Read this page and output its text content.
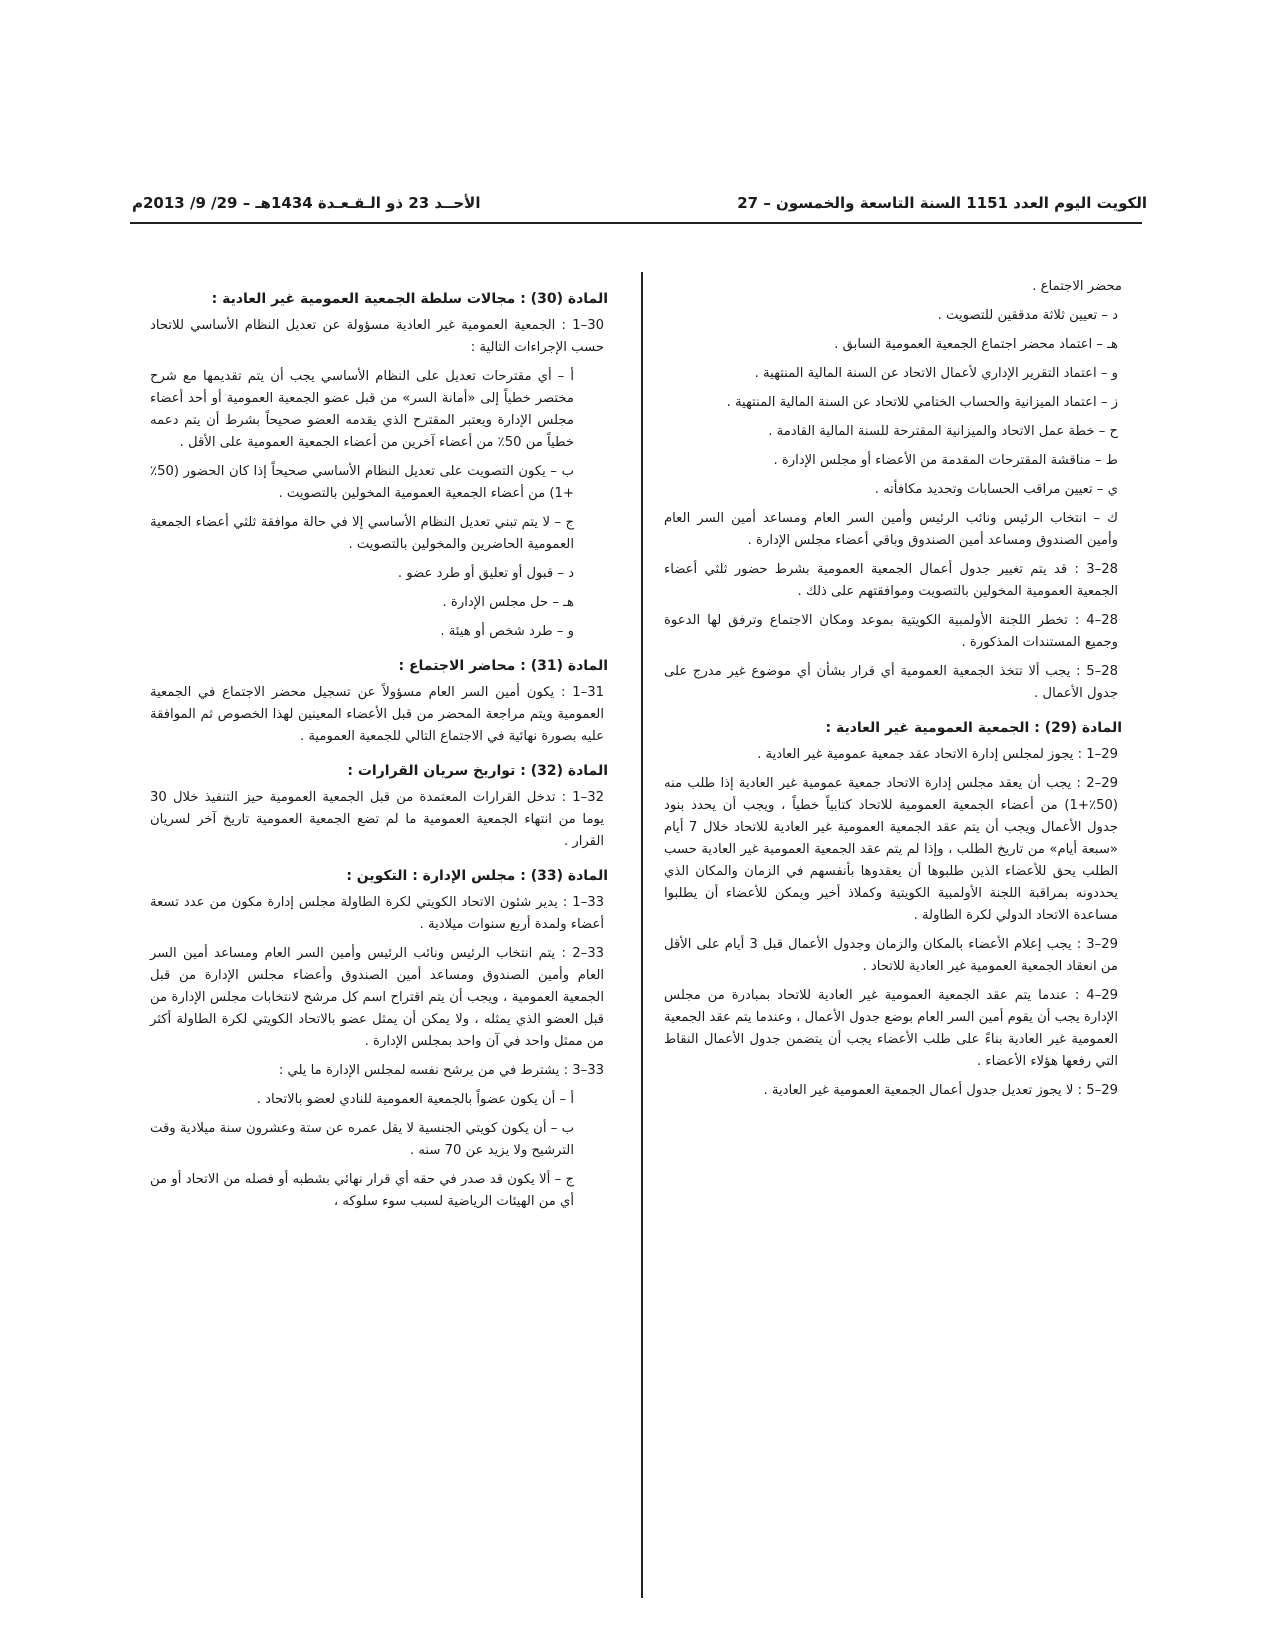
الكويت اليوم العدد 1151 السنة التاسعة والخمسون – 27
الأحــد 23 ذو الـقـعـدة 1434هـ – 29/ 9/ 2013م

محضر الاجتماع .

د – تعيين ثلاثة مدققين للتصويت .

هـ – اعتماد محضر اجتماع الجمعية العمومية السابق .

و – اعتماد التقرير الإداري لأعمال الاتحاد عن السنة المالية المنتهية .

ز – اعتماد الميزانية والحساب الختامي للاتحاد عن السنة المالية المنتهية .

ح – خطة عمل الاتحاد والميزانية المقترحة للسنة المالية القادمة .

ط – مناقشة المقترحات المقدمة من الأعضاء أو مجلس الإدارة .

ي – تعيين مراقب الحسابات وتحديد مكافأته .

ك – انتخاب الرئيس ونائب الرئيس وأمين السر العام ومساعد أمين السر العام وأمين الصندوق ومساعد أمين الصندوق وباقي أعضاء مجلس الإدارة .

28–3 : قد يتم تغيير جدول أعمال الجمعية العمومية بشرط حضور ثلثي أعضاء الجمعية العمومية المخولين بالتصويت وموافقتهم على ذلك .

28–4 : تخطر اللجنة الأولمبية الكويتية بموعد ومكان الاجتماع وترفق لها الدعوة وجميع المستندات المذكورة .

28–5 : يجب ألا تتخذ الجمعية العمومية أي قرار بشأن أي موضوع غير مدرج على جدول الأعمال .

المادة (29) : الجمعية العمومية غير العادية :

29–1 : يجوز لمجلس إدارة الاتحاد عقد جمعية عمومية غير العادية .

29–2 : يجب أن يعقد مجلس إدارة الاتحاد جمعية عمومية غير العادية إذا طلب منه (50٪+1) من أعضاء الجمعية العمومية للاتحاد كتابياً خطياً ، ويجب أن يحدد بنود جدول الأعمال ويجب أن يتم عقد الجمعية العمومية غير العادية للاتحاد خلال 7 أيام «سبعة أيام» من تاريخ الطلب ، وإذا لم يتم عقد الجمعية العمومية غير العادية حسب الطلب يحق للأعضاء الذين طلبوها أن يعقدوها بأنفسهم في الزمان والمكان الذي يحددونه بمراقبة اللجنة الأولمبية الكويتية وكملاذ أخير ويمكن للأعضاء أن يطلبوا مساعدة الاتحاد الدولي لكرة الطاولة .

29–3 : يجب إعلام الأعضاء بالمكان والزمان وجدول الأعمال قبل 3 أيام على الأقل من انعقاد الجمعية العمومية غير العادية للاتحاد .

29–4 : عندما يتم عقد الجمعية العمومية غير العادية للاتحاد بمبادرة من مجلس الإدارة يجب أن يقوم أمين السر العام بوضع جدول الأعمال ، وعندما يتم عقد الجمعية العمومية غير العادية بناءً على طلب الأعضاء يجب أن يتضمن جدول الأعمال النقاط التي رفعها هؤلاء الأعضاء .

29–5 : لا يجوز تعديل جدول أعمال الجمعية العمومية غير العادية .

المادة (30) : مجالات سلطة الجمعية العمومية غير العادية :

30–1 : الجمعية العمومية غير العادية مسؤولة عن تعديل النظام الأساسي للاتحاد حسب الإجراءات التالية :

أ – أي مقترحات تعديل على النظام الأساسي يجب أن يتم تقديمها مع شرح مختصر خطياً إلى «أمانة السر» من قبل عضو الجمعية العمومية أو أحد أعضاء مجلس الإدارة ويعتبر المقترح الذي يقدمه العضو صحيحاً بشرط أن يتم دعمه خطياً من 50٪ من أعضاء آخرين من أعضاء الجمعية العمومية على الأقل .

ب – يكون التصويت على تعديل النظام الأساسي صحيحاً إذا كان الحضور (50٪+1) من أعضاء الجمعية العمومية المخولين بالتصويت .

ج – لا يتم تبني تعديل النظام الأساسي إلا في حالة موافقة ثلثي أعضاء الجمعية العمومية الحاضرين والمخولين بالتصويت .

د – قبول أو تعليق أو طرد عضو .

هـ – حل مجلس الإدارة .

و – طرد شخص أو هيئة .

المادة (31) : محاضر الاجتماع :

31–1 : يكون أمين السر العام مسؤولاً عن تسجيل محضر الاجتماع في الجمعية العمومية ويتم مراجعة المحضر من قبل الأعضاء المعينين لهذا الخصوص ثم الموافقة عليه بصورة نهائية في الاجتماع التالي للجمعية العمومية .

المادة (32) : تواريخ سريان القرارات :

32–1 : تدخل القرارات المعتمدة من قبل الجمعية العمومية حيز التنفيذ خلال 30 يوما من انتهاء الجمعية العمومية ما لم تضع الجمعية العمومية تاريخ آخر لسريان القرار .

المادة (33) : مجلس الإدارة : التكوين :

33–1 : يدير شئون الاتحاد الكويتي لكرة الطاولة مجلس إدارة مكون من عدد تسعة أعضاء ولمدة أربع سنوات ميلادية .

33–2 : يتم انتخاب الرئيس ونائب الرئيس وأمين السر العام ومساعد أمين السر العام وأمين الصندوق ومساعد أمين الصندوق وأعضاء مجلس الإدارة من قبل الجمعية العمومية ، ويجب أن يتم اقتراح اسم كل مرشح لانتخابات مجلس الإدارة من قبل العضو الذي يمثله ، ولا يمكن أن يمثل عضو بالاتحاد الكويتي لكرة الطاولة أكثر من ممثل واحد في آن واحد بمجلس الإدارة .

33–3 : يشترط في من يرشح نفسه لمجلس الإدارة ما يلي :

أ – أن يكون عضواً بالجمعية العمومية للنادي لعضو بالاتحاد .

ب – أن يكون كويتي الجنسية لا يقل عمره عن ستة وعشرون سنة ميلادية وقت الترشيح ولا يزيد عن 70 سنه .

ج – ألا يكون قد صدر في حقه أي قرار نهائي بشطبه أو فصله من الاتحاد أو من أي من الهيئات الرياضية لسبب سوء سلوكه ،
